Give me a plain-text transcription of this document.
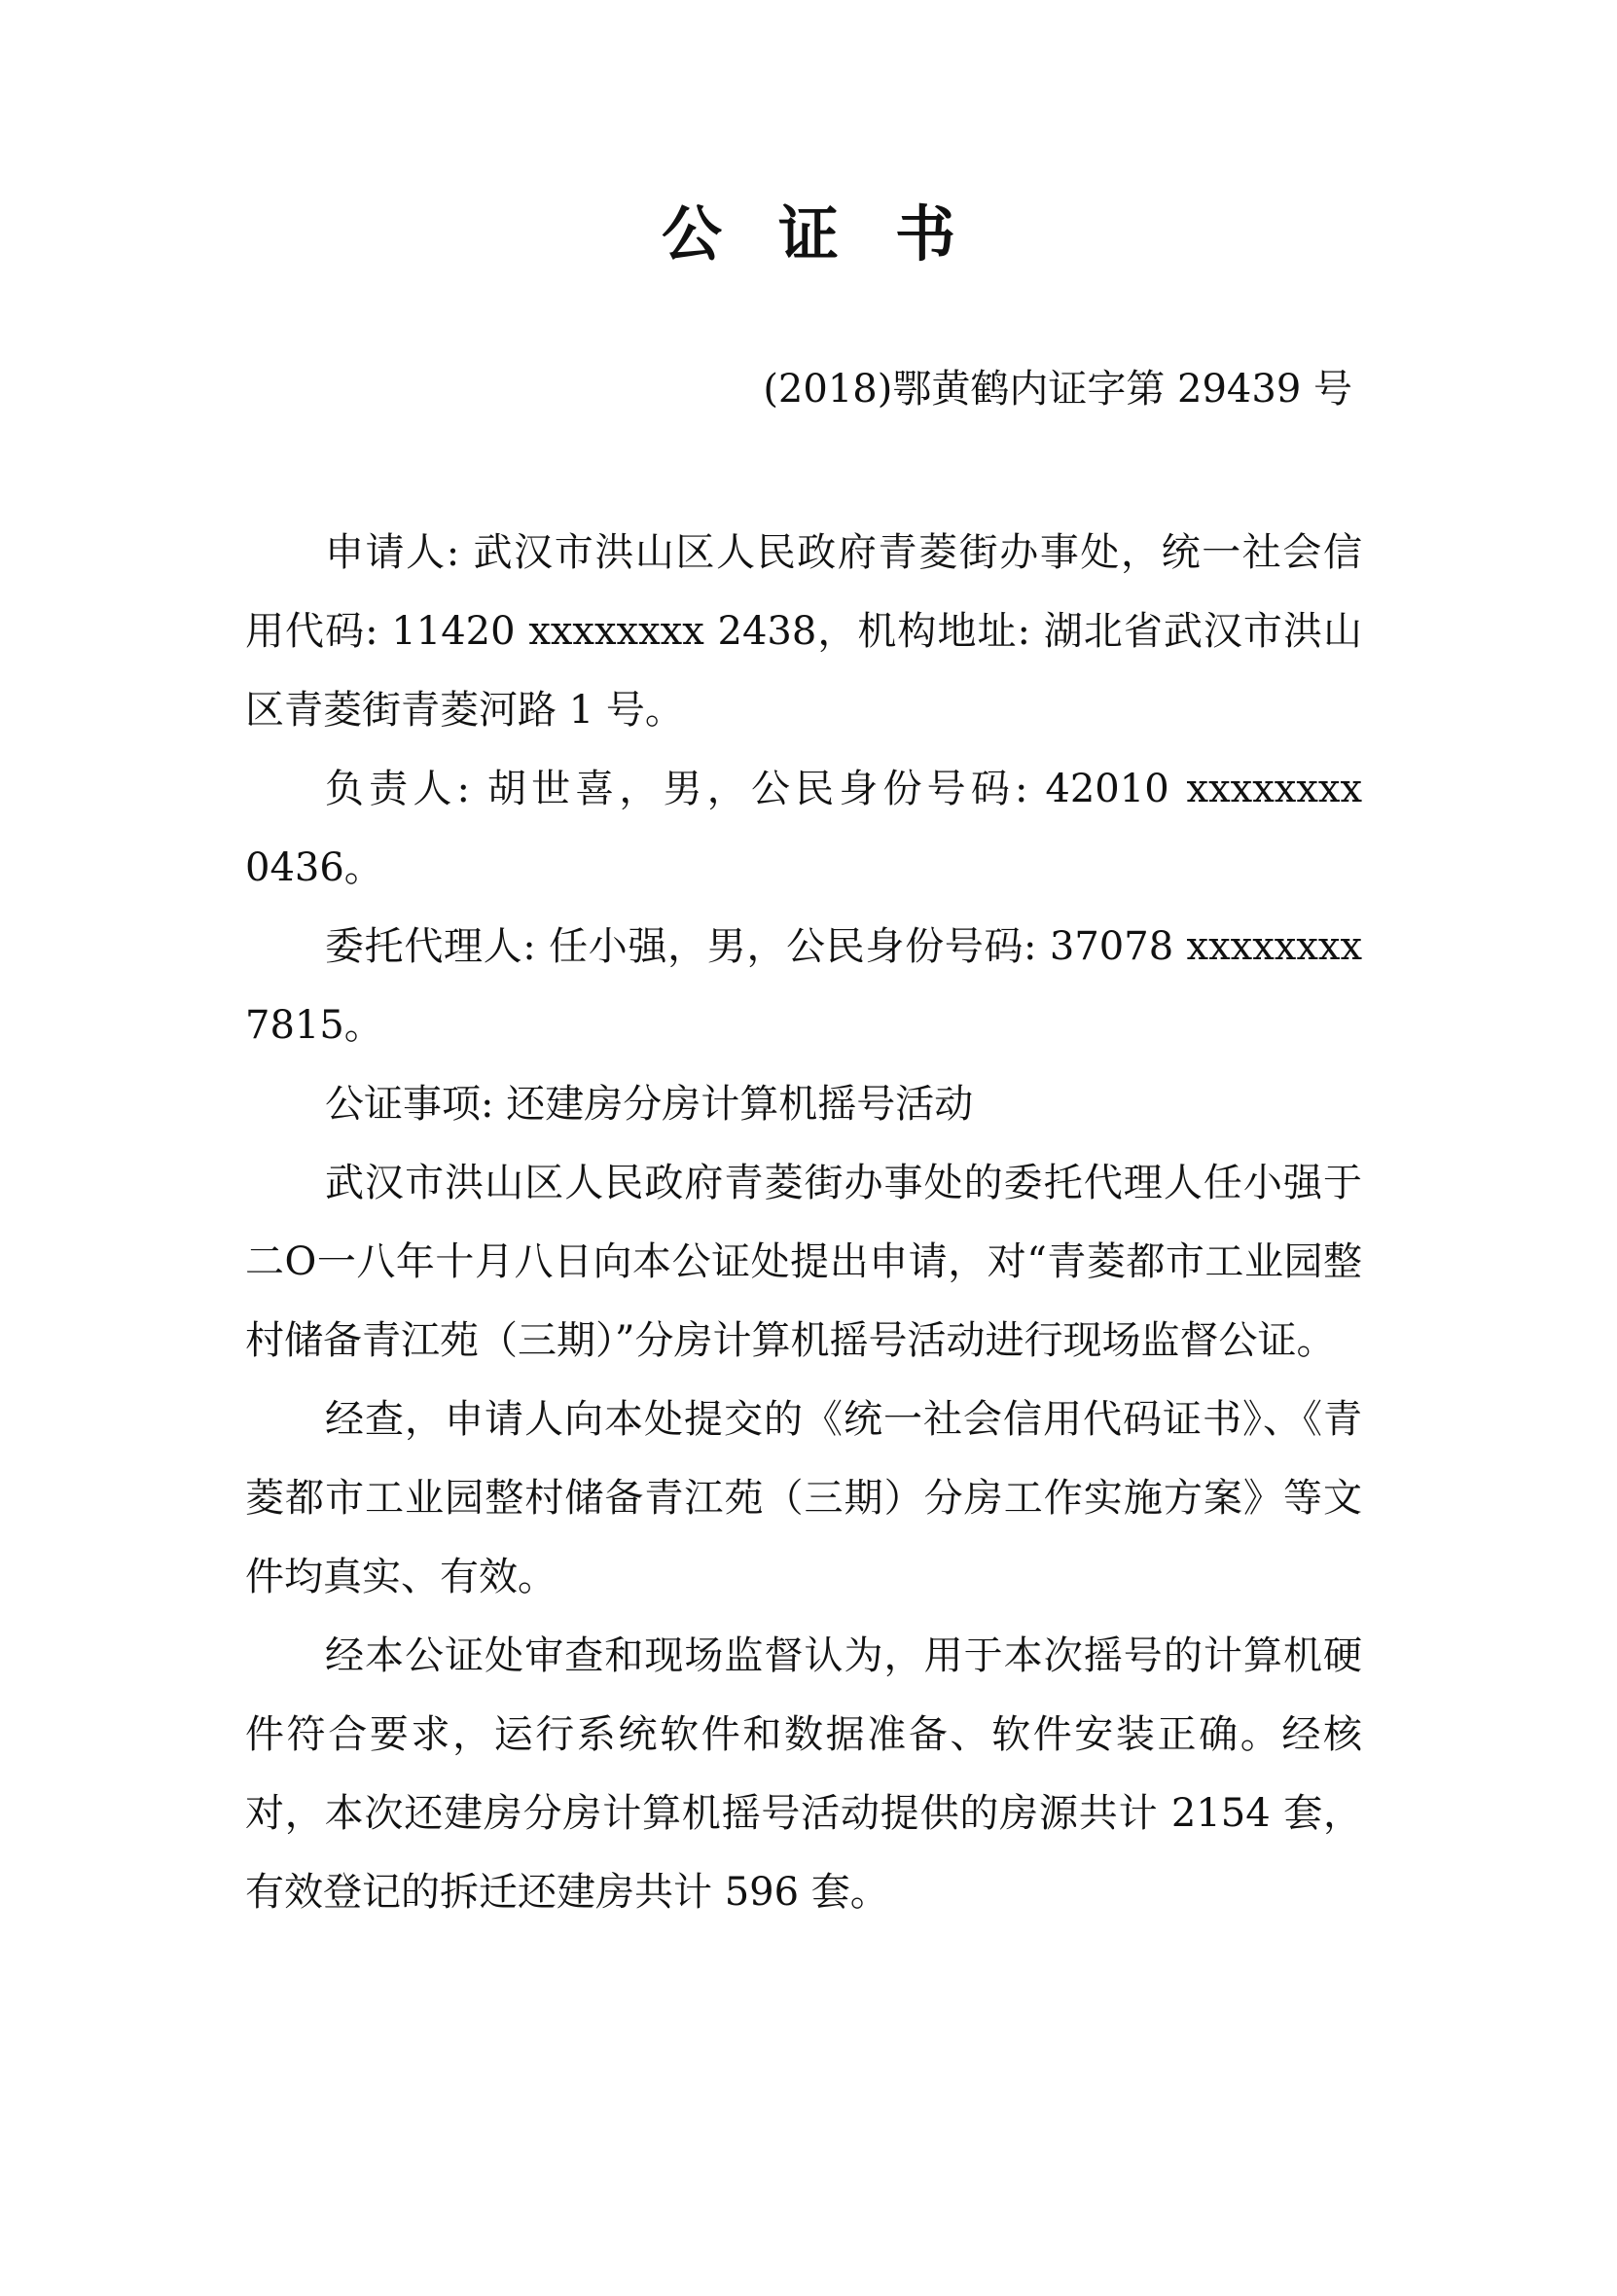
公证书

(2018)鄂黄鹤内证字第 29439 号

申请人: 武汉市洪山区人民政府青菱街办事处，统一社会信用代码: 11420 xxxxxxxx 2438，机构地址: 湖北省武汉市洪山区青菱街青菱河路 1 号。

负责人: 胡世喜，男，公民身份号码: 42010 xxxxxxxx 0436。

委托代理人: 任小强，男，公民身份号码: 37078 xxxxxxxx 7815。

公证事项: 还建房分房计算机摇号活动

武汉市洪山区人民政府青菱街办事处的委托代理人任小强于二Ο一八年十月八日向本公证处提出申请，对“青菱都市工业园整村储备青江苑（三期）”分房计算机摇号活动进行现场监督公证。

经查，申请人向本处提交的《统一社会信用代码证书》、《青菱都市工业园整村储备青江苑（三期）分房工作实施方案》等文件均真实、有效。

经本公证处审查和现场监督认为，用于本次摇号的计算机硬件符合要求，运行系统软件和数据准备、软件安装正确。经核对，本次还建房分房计算机摇号活动提供的房源共计 2154 套，有效登记的拆迁还建房共计 596 套。
